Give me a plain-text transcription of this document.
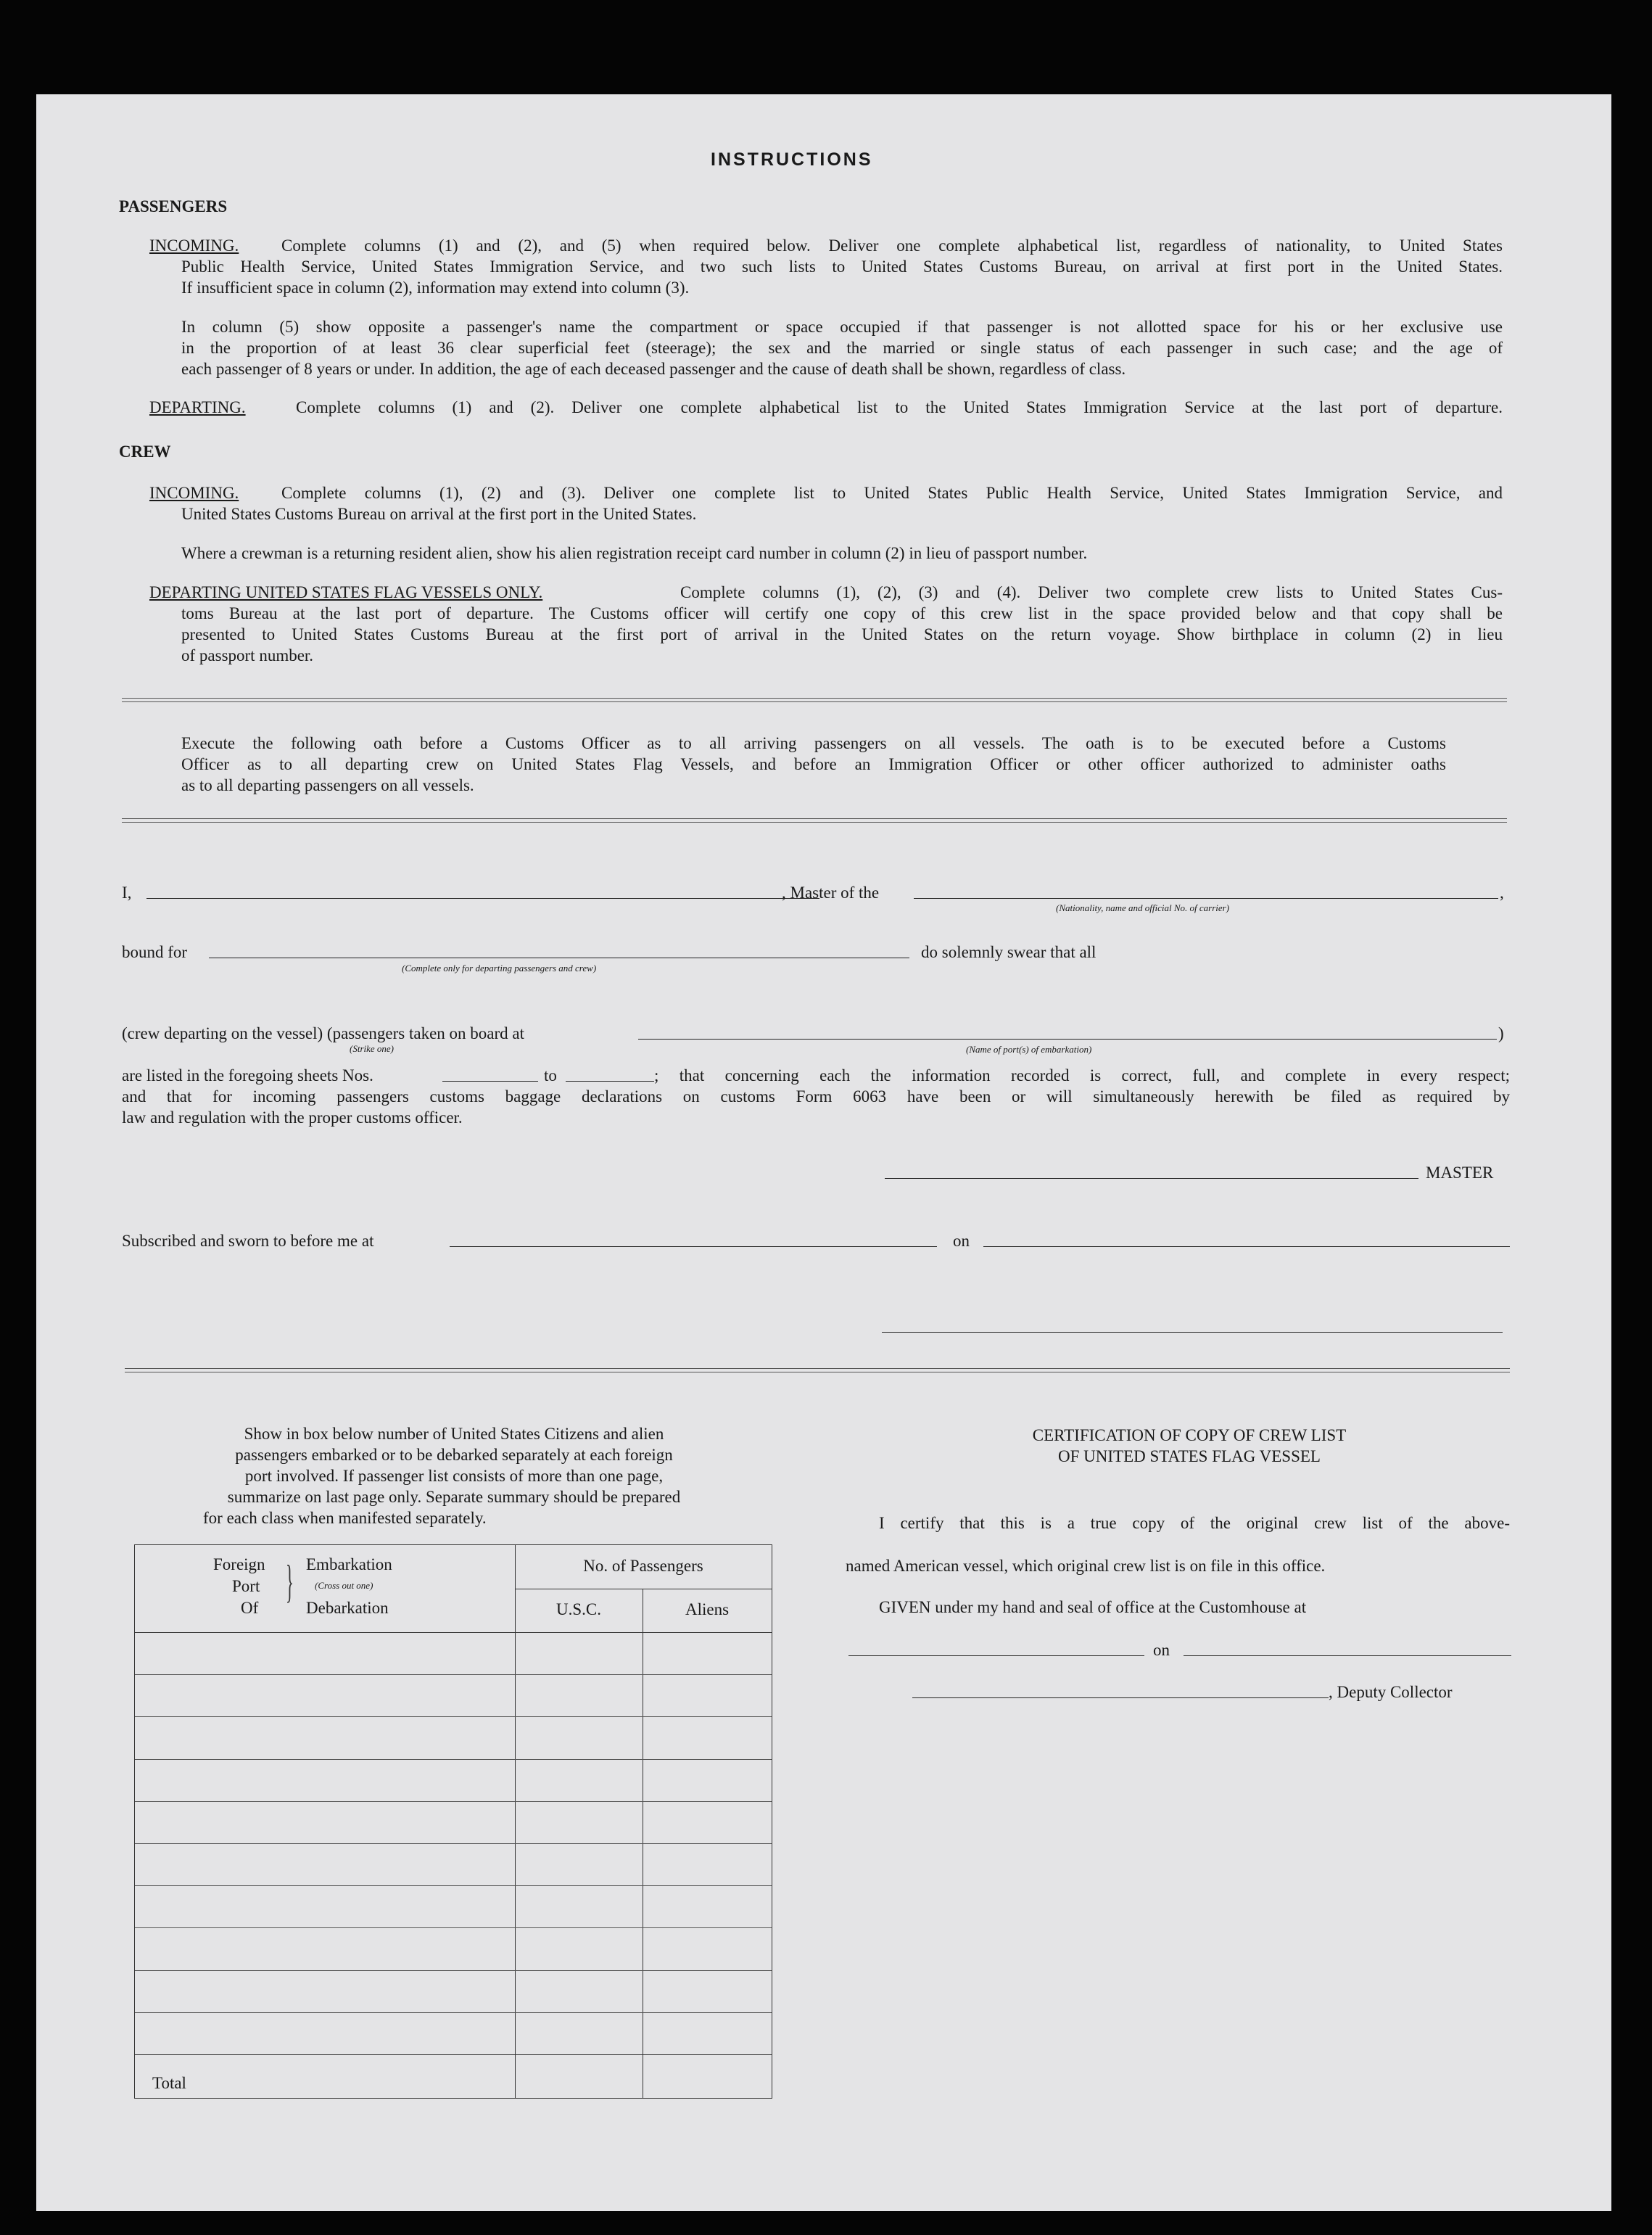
INSTRUCTIONS
PASSENGERS
INCOMING.	Complete columns (1) and (2), and (5) when required below. Deliver one complete alphabetical list, regardless of nationality, to United States
Public Health Service, United States Immigration Service, and two such lists to United States Customs Bureau, on arrival at first port in the United States.
If insufficient space in column (2), information may extend into column (3).
In column (5) show opposite a passenger's name the compartment or space occupied if that passenger is not allotted space for his or her exclusive use
in the proportion of at least 36 clear superficial feet (steerage); the sex and the married or single status of each passenger in such case; and the age of
each passenger of 8 years or under. In addition, the age of each deceased passenger and the cause of death shall be shown, regardless of class.
DEPARTING.	Complete columns (1) and (2). Deliver one complete alphabetical list to the United States Immigration Service at the last port of departure.
CREW
INCOMING.	Complete columns (1), (2) and (3). Deliver one complete list to United States Public Health Service, United States Immigration Service, and
United States Customs Bureau on arrival at the first port in the United States.
Where a crewman is a returning resident alien, show his alien registration receipt card number in column (2) in lieu of passport number.
DEPARTING UNITED STATES FLAG VESSELS ONLY.	Complete columns (1), (2), (3) and (4). Deliver two complete crew lists to United States Cus-
toms Bureau at the last port of departure. The Customs officer will certify one copy of this crew list in the space provided below and that copy shall be
presented to United States Customs Bureau at the first port of arrival in the United States on the return voyage. Show birthplace in column (2) in lieu
of passport number.
Execute the following oath before a Customs Officer as to all arriving passengers on all vessels. The oath is to be executed before a Customs
Officer as to all departing crew on United States Flag Vessels, and before an Immigration Officer or other officer authorized to administer oaths
as to all departing passengers on all vessels.
I,	, Master of the	,
(Nationality, name and official No. of carrier)
bound for
(Complete only for departing passengers and crew)
do solemnly swear that all
(crew departing on the vessel) (passengers taken on board at
(Strike one)
)
(Name of port(s) of embarkation)
are listed in the foregoing sheets Nos.	to	; that concerning each the information recorded is correct, full, and complete in every respect;
and that for incoming passengers customs baggage declarations on customs Form 6063 have been or will simultaneously herewith be filed as required by
law and regulation with the proper customs officer.
MASTER
Subscribed and sworn to before me at	on
Show in box below number of United States Citizens and alien
passengers embarked or to be debarked separately at each foreign
port involved. If passenger list consists of more than one page,
summarize on last page only. Separate summary should be prepared
for each class when manifested separately.
Foreign
Port
Of
} Embarkation
(Cross out one)
Debarkation
No. of Passengers
U.S.C.	Aliens
Total
CERTIFICATION OF COPY OF CREW LIST
OF UNITED STATES FLAG VESSEL
I certify that this is a true copy of the original crew list of the above-
named American vessel, which original crew list is on file in this office.
GIVEN under my hand and seal of office at the Customhouse at
on
, Deputy Collector
